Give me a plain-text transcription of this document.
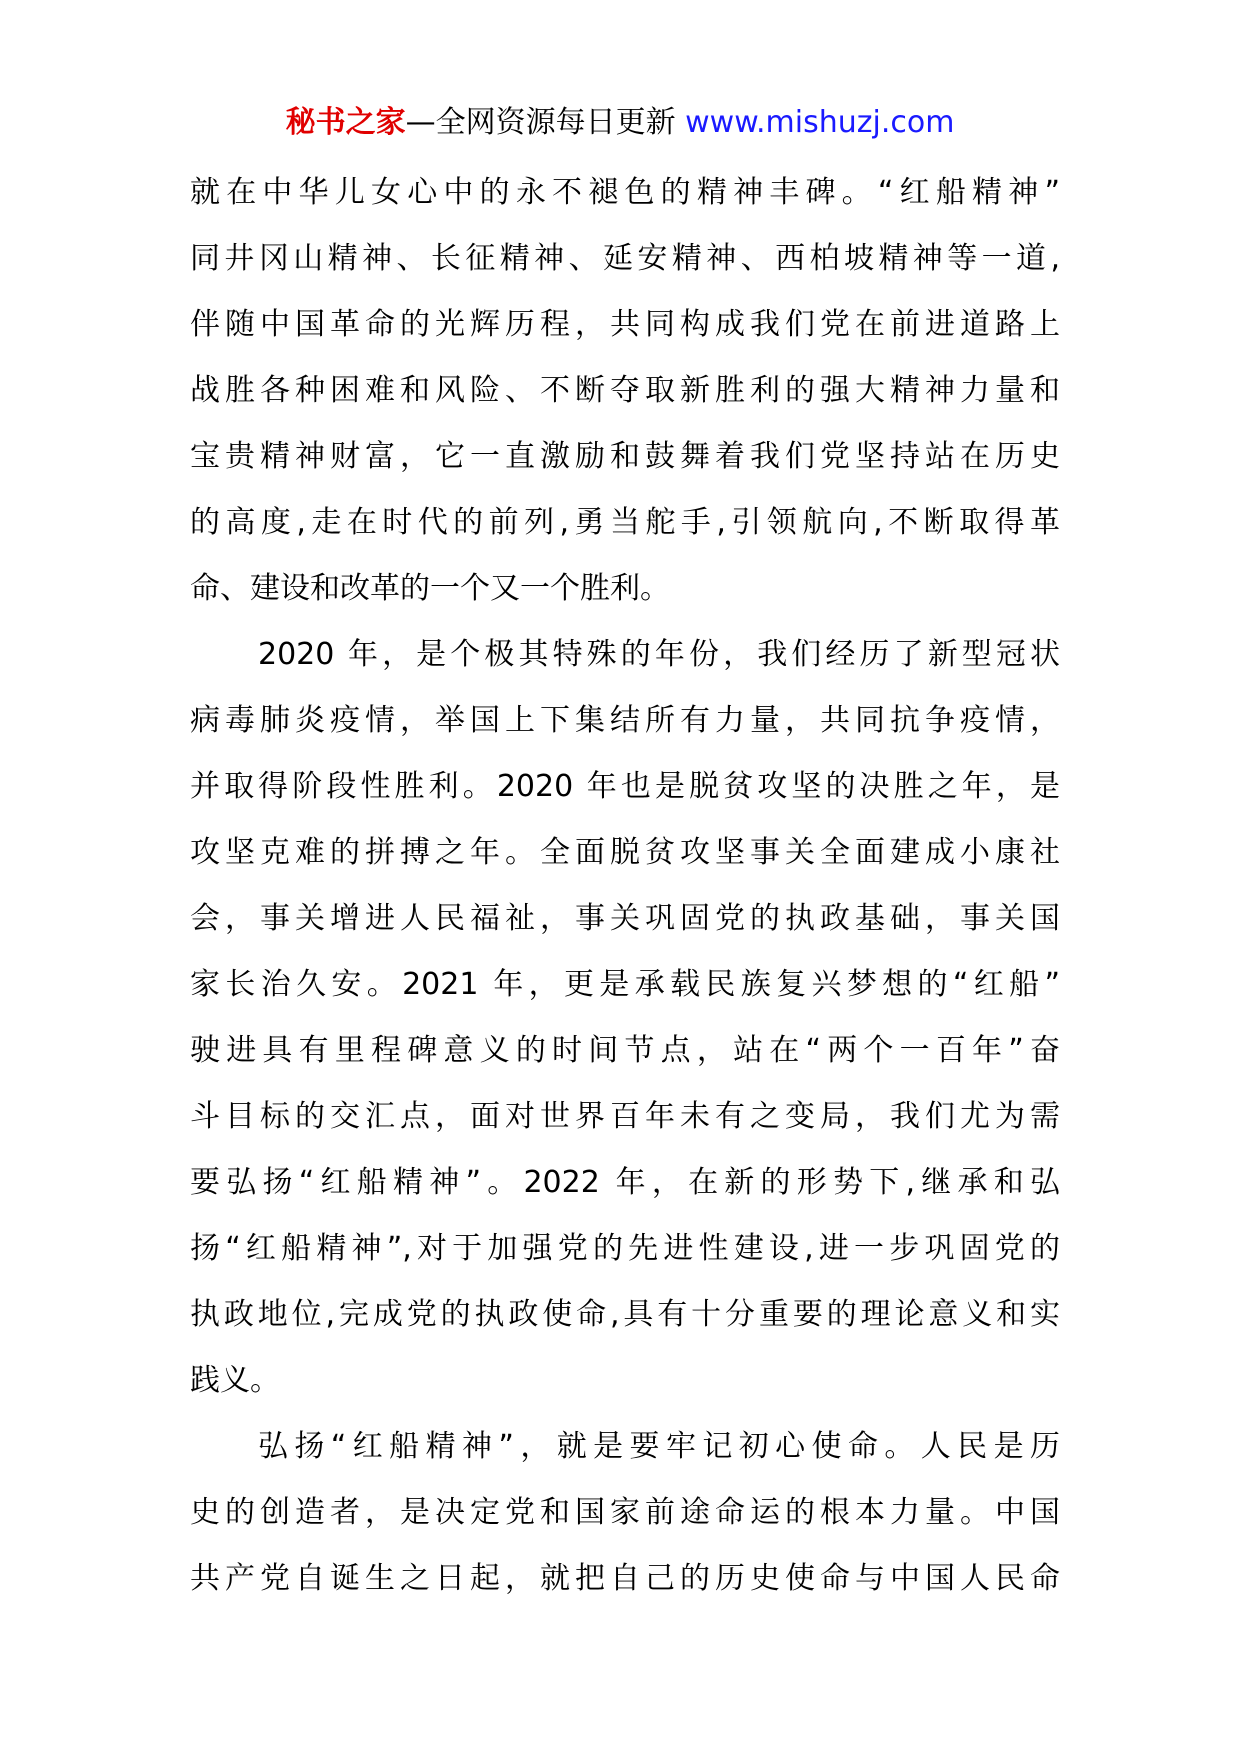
秘书之家—全网资源每日更新 www.mishuzj.com
就在中华儿女心中的永不褪色的精神丰碑。“红船精神”
同井冈山精神、长征精神、延安精神、西柏坡精神等一道,
伴随中国革命的光辉历程，共同构成我们党在前进道路上
战胜各种困难和风险、不断夺取新胜利的强大精神力量和
宝贵精神财富，它一直激励和鼓舞着我们党坚持站在历史
的高度,走在时代的前列,勇当舵手,引领航向,不断取得革
命、建设和改革的一个又一个胜利。
2020 年，是个极其特殊的年份，我们经历了新型冠状
病毒肺炎疫情，举国上下集结所有力量，共同抗争疫情，
并取得阶段性胜利。2020 年也是脱贫攻坚的决胜之年，是
攻坚克难的拼搏之年。全面脱贫攻坚事关全面建成小康社
会，事关增进人民福祉，事关巩固党的执政基础，事关国
家长治久安。2021 年，更是承载民族复兴梦想的“红船”
驶进具有里程碑意义的时间节点，站在“两个一百年”奋
斗目标的交汇点，面对世界百年未有之变局，我们尤为需
要弘扬“红船精神”。2022 年，在新的形势下,继承和弘
扬“红船精神”,对于加强党的先进性建设,进一步巩固党的
执政地位,完成党的执政使命,具有十分重要的理论意义和实
践义。
弘扬“红船精神”，就是要牢记初心使命。人民是历
史的创造者，是决定党和国家前途命运的根本力量。中国
共产党自诞生之日起，就把自己的历史使命与中国人民命
